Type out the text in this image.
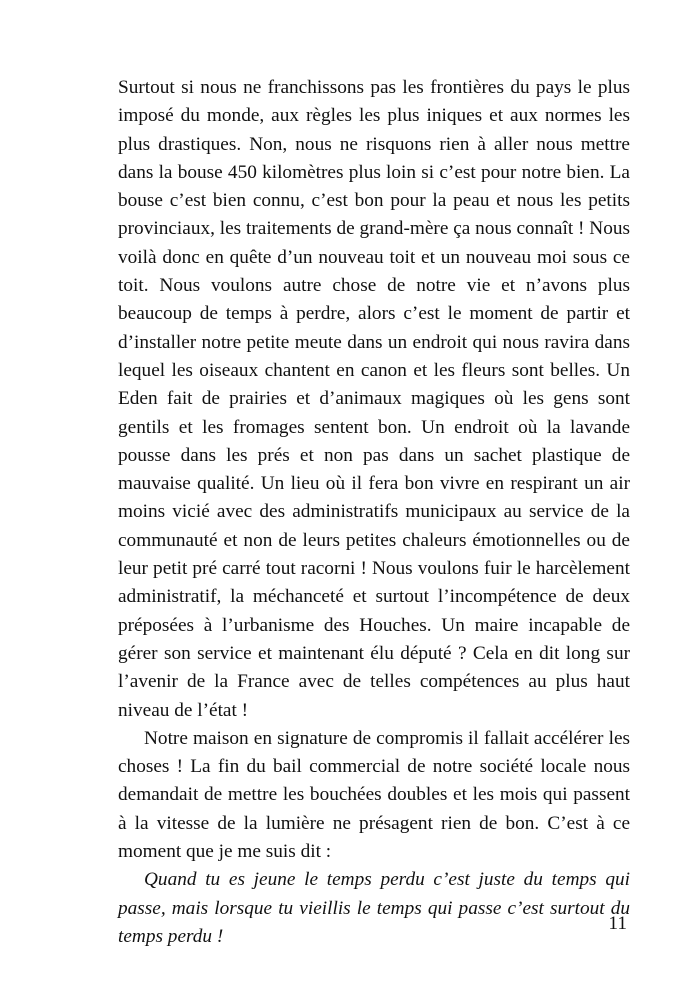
Surtout si nous ne franchissons pas les frontières du pays le plus imposé du monde, aux règles les plus iniques et aux normes les plus drastiques. Non, nous ne risquons rien à aller nous mettre dans la bouse 450 kilomètres plus loin si c’est pour notre bien. La bouse c’est bien connu, c’est bon pour la peau et nous les petits provinciaux, les traitements de grand-mère ça nous connaît ! Nous voilà donc en quête d’un nouveau toit et un nouveau moi sous ce toit. Nous voulons autre chose de notre vie et n’avons plus beaucoup de temps à perdre, alors c’est le moment de partir et d’installer notre petite meute dans un endroit qui nous ravira dans lequel les oiseaux chantent en canon et les fleurs sont belles. Un Eden fait de prairies et d’animaux magiques où les gens sont gentils et les fromages sentent bon. Un endroit où la lavande pousse dans les prés et non pas dans un sachet plastique de mauvaise qualité. Un lieu où il fera bon vivre en respirant un air moins vicié avec des administratifs municipaux au service de la communauté et non de leurs petites chaleurs émotionnelles ou de leur petit pré carré tout racorni ! Nous voulons fuir le harcèlement administratif, la méchanceté et surtout l’incompétence de deux préposées à l’urbanisme des Houches. Un maire incapable de gérer son service et maintenant élu député ? Cela en dit long sur l’avenir de la France avec de telles compétences au plus haut niveau de l’état !

Notre maison en signature de compromis il fallait accélérer les choses ! La fin du bail commercial de notre société locale nous demandait de mettre les bouchées doubles et les mois qui passent à la vitesse de la lumière ne présagent rien de bon. C’est à ce moment que je me suis dit :

Quand tu es jeune le temps perdu c’est juste du temps qui passe, mais lorsque tu vieillis le temps qui passe c’est surtout du temps perdu !

11
